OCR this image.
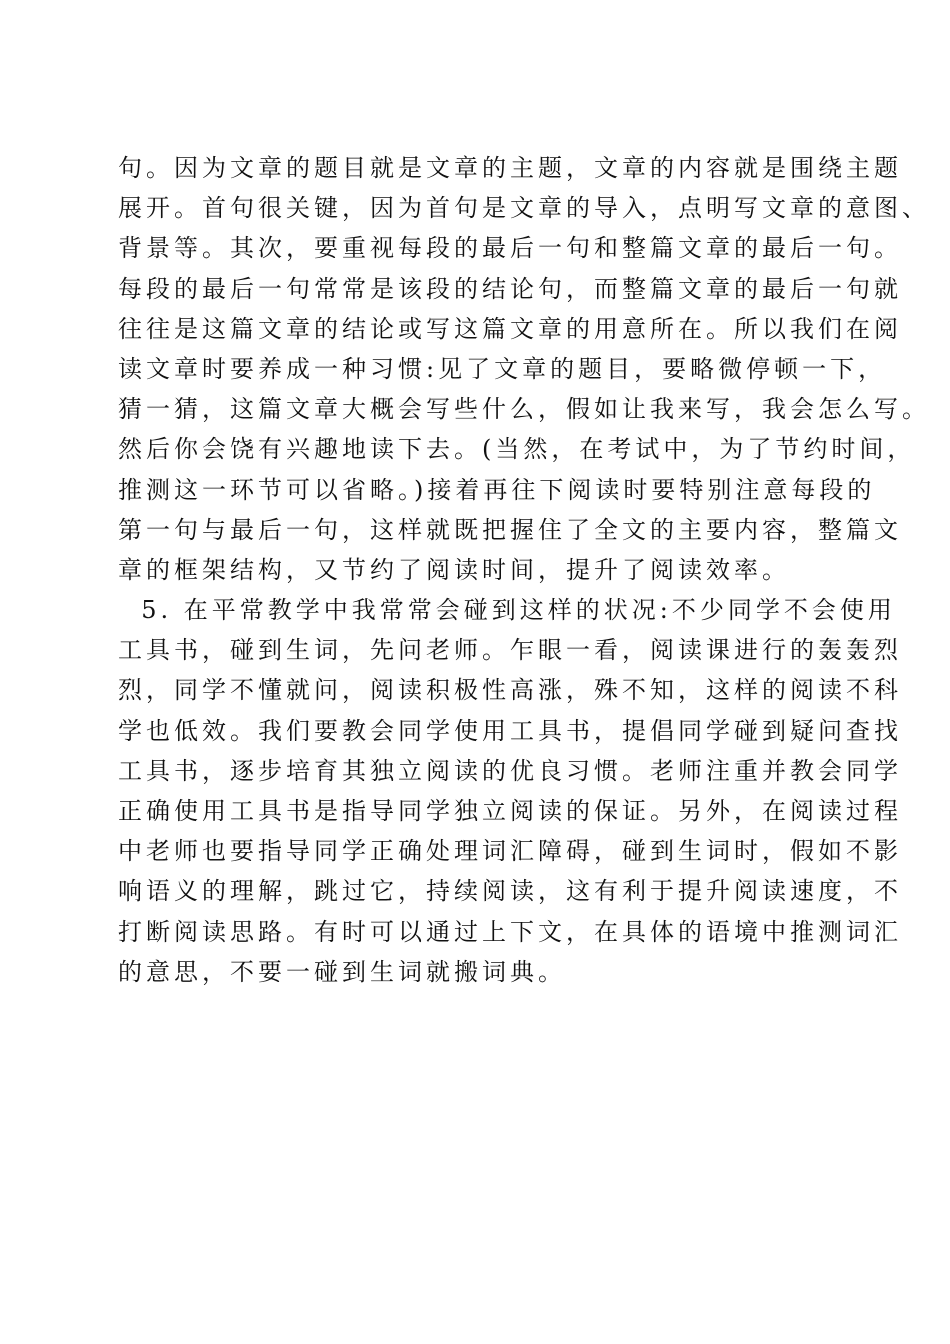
句。因为文章的题目就是文章的主题，文章的内容就是围绕主题
展开。首句很关键，因为首句是文章的导入，点明写文章的意图、
背景等。其次，要重视每段的最后一句和整篇文章的最后一句。
每段的最后一句常常是该段的结论句，而整篇文章的最后一句就
往往是这篇文章的结论或写这篇文章的用意所在。所以我们在阅
读文章时要养成一种习惯:见了文章的题目，要略微停顿一下，
猜一猜，这篇文章大概会写些什么，假如让我来写，我会怎么写。
然后你会饶有兴趣地读下去。(当然，在考试中，为了节约时间，
推测这一环节可以省略。)接着再往下阅读时要特别注意每段的
第一句与最后一句，这样就既把握住了全文的主要内容，整篇文
章的框架结构，又节约了阅读时间，提升了阅读效率。
5. 在平常教学中我常常会碰到这样的状况:不少同学不会使用
工具书，碰到生词，先问老师。乍眼一看，阅读课进行的轰轰烈
烈，同学不懂就问，阅读积极性高涨，殊不知，这样的阅读不科
学也低效。我们要教会同学使用工具书，提倡同学碰到疑问查找
工具书，逐步培育其独立阅读的优良习惯。老师注重并教会同学
正确使用工具书是指导同学独立阅读的保证。另外，在阅读过程
中老师也要指导同学正确处理词汇障碍，碰到生词时，假如不影
响语义的理解，跳过它，持续阅读，这有利于提升阅读速度，不
打断阅读思路。有时可以通过上下文，在具体的语境中推测词汇
的意思，不要一碰到生词就搬词典。
